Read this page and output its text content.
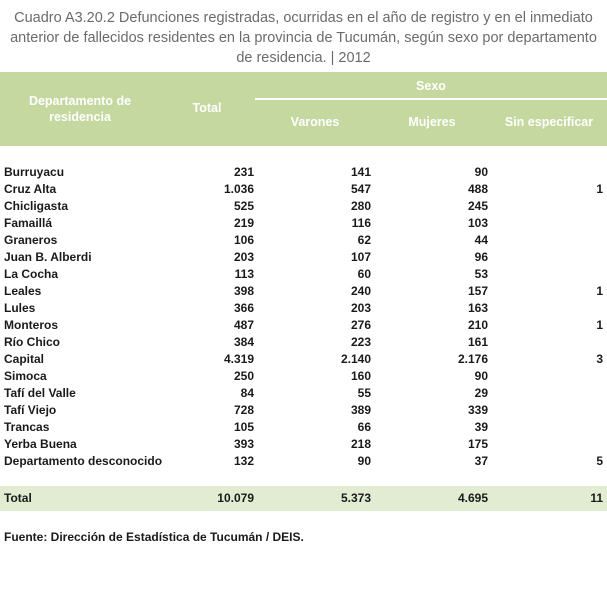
Cuadro A3.20.2 Defunciones registradas, ocurridas en el año de registro y en el inmediato
anterior de fallecidos residentes en la provincia de Tucumán, según sexo por departamento
de residencia. | 2012
Departamento de
residencia
Total
Sexo
Varones	Mujeres	Sin especificar
Burruyacu	231	141	90	
Cruz Alta	1.036	547	488	1
Chicligasta	525	280	245	
Famaillá	219	116	103	
Graneros	106	62	44	
Juan B. Alberdi	203	107	96	
La Cocha	113	60	53	
Leales	398	240	157	1
Lules	366	203	163	
Monteros	487	276	210	1
Río Chico	384	223	161	
Capital	4.319	2.140	2.176	3
Simoca	250	160	90	
Tafí del Valle	84	55	29	
Tafí Viejo	728	389	339	
Trancas	105	66	39	
Yerba Buena	393	218	175	
Departamento desconocido	132	90	37	5
Total	10.079	5.373	4.695	11
Fuente: Dirección de Estadística de Tucumán / DEIS.
